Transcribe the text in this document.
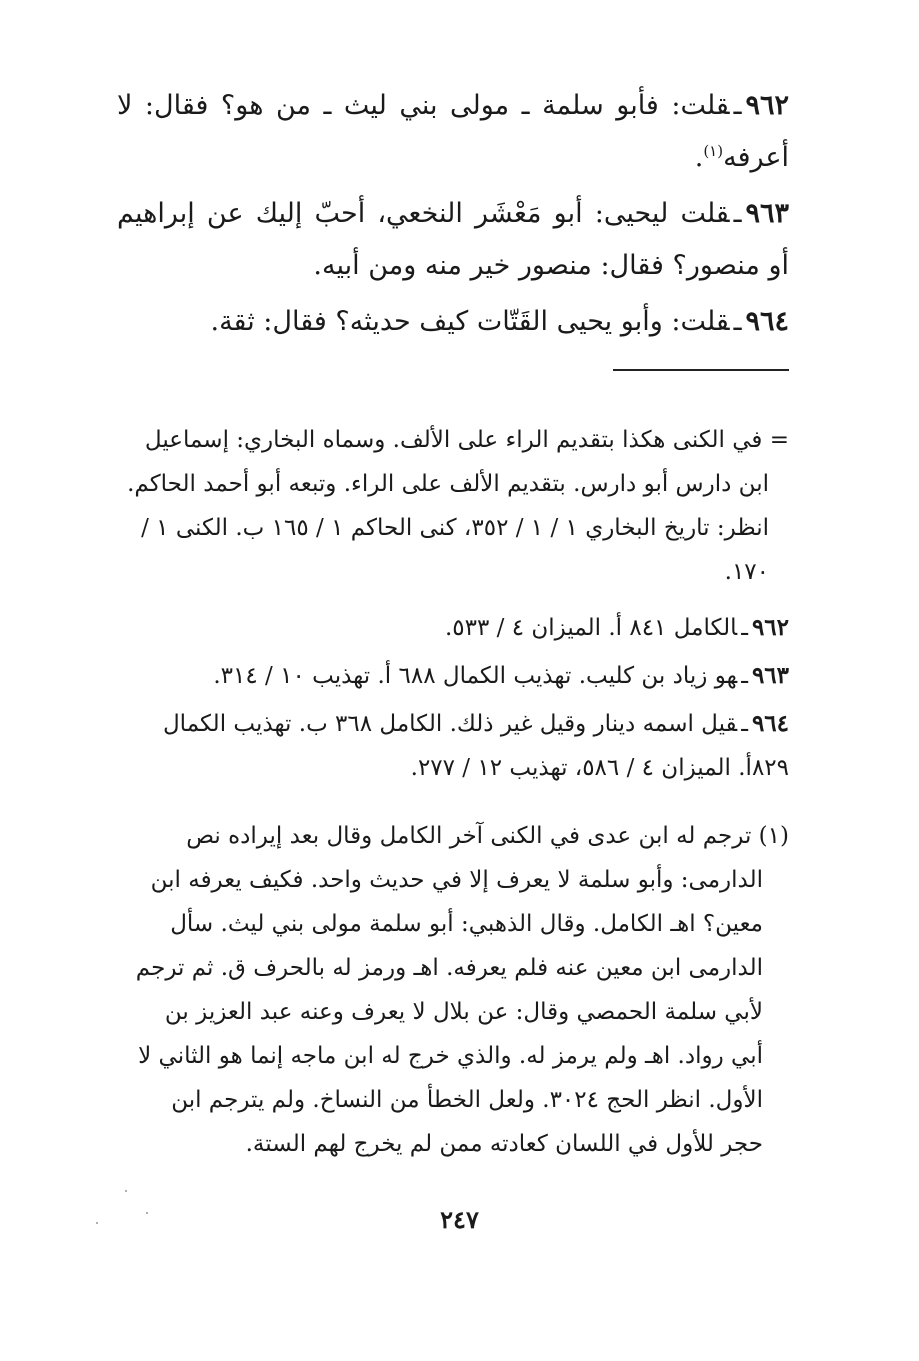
٩٦٢ـقلت: فأبو سلمة ـ مولى بني ليث ـ من هو؟ فقال: لا أعرفه$^{(١)}$.

٩٦٣ـقلت ليحيى: أبو مَعْشَر النخعي، أحبّ إليك عن إبراهيم أو منصور؟ فقال: منصور خير منه ومن أبيه.

٩٦٤ـقلت: وأبو يحيى القَتّات كيف حديثه؟ فقال: ثقة.

= في الكنى هكذا بتقديم الراء على الألف. وسماه البخاري: إسماعيل ابن دارس أبو دارس. بتقديم الألف على الراء. وتبعه أبو أحمد الحاكم. انظر: تاريخ البخاري ١ / ١ / ٣٥٢، كنى الحاكم ١ / ١٦٥ ب. الكنى ١ / ١٧٠.

٩٦٢ـالكامل ٨٤١ أ. الميزان ٤ / ٥٣٣.

٩٦٣ـهو زياد بن كليب. تهذيب الكمال ٦٨٨ أ. تهذيب ١٠ / ٣١٤.

٩٦٤ـقيل اسمه دينار وقيل غير ذلك. الكامل ٣٦٨ ب. تهذيب الكمال ٨٢٩أ. الميزان ٤ / ٥٨٦، تهذيب ١٢ / ٢٧٧.

(١) ترجم له ابن عدى في الكنى آخر الكامل وقال بعد إيراده نص الدارمى: وأبو سلمة لا يعرف إلا في حديث واحد. فكيف يعرفه ابن معين؟ اهـ الكامل. وقال الذهبي: أبو سلمة مولى بني ليث. سأل الدارمى ابن معين عنه فلم يعرفه. اهـ ورمز له بالحرف ق. ثم ترجم لأبي سلمة الحمصي وقال: عن بلال لا يعرف وعنه عبد العزيز بن أبي رواد. اهـ ولم يرمز له. والذي خرج له ابن ماجه إنما هو الثاني لا الأول. انظر الحج ٣٠٢٤. ولعل الخطأ من النساخ. ولم يترجم ابن حجر للأول في اللسان كعادته ممن لم يخرج لهم الستة.

٢٤٧
